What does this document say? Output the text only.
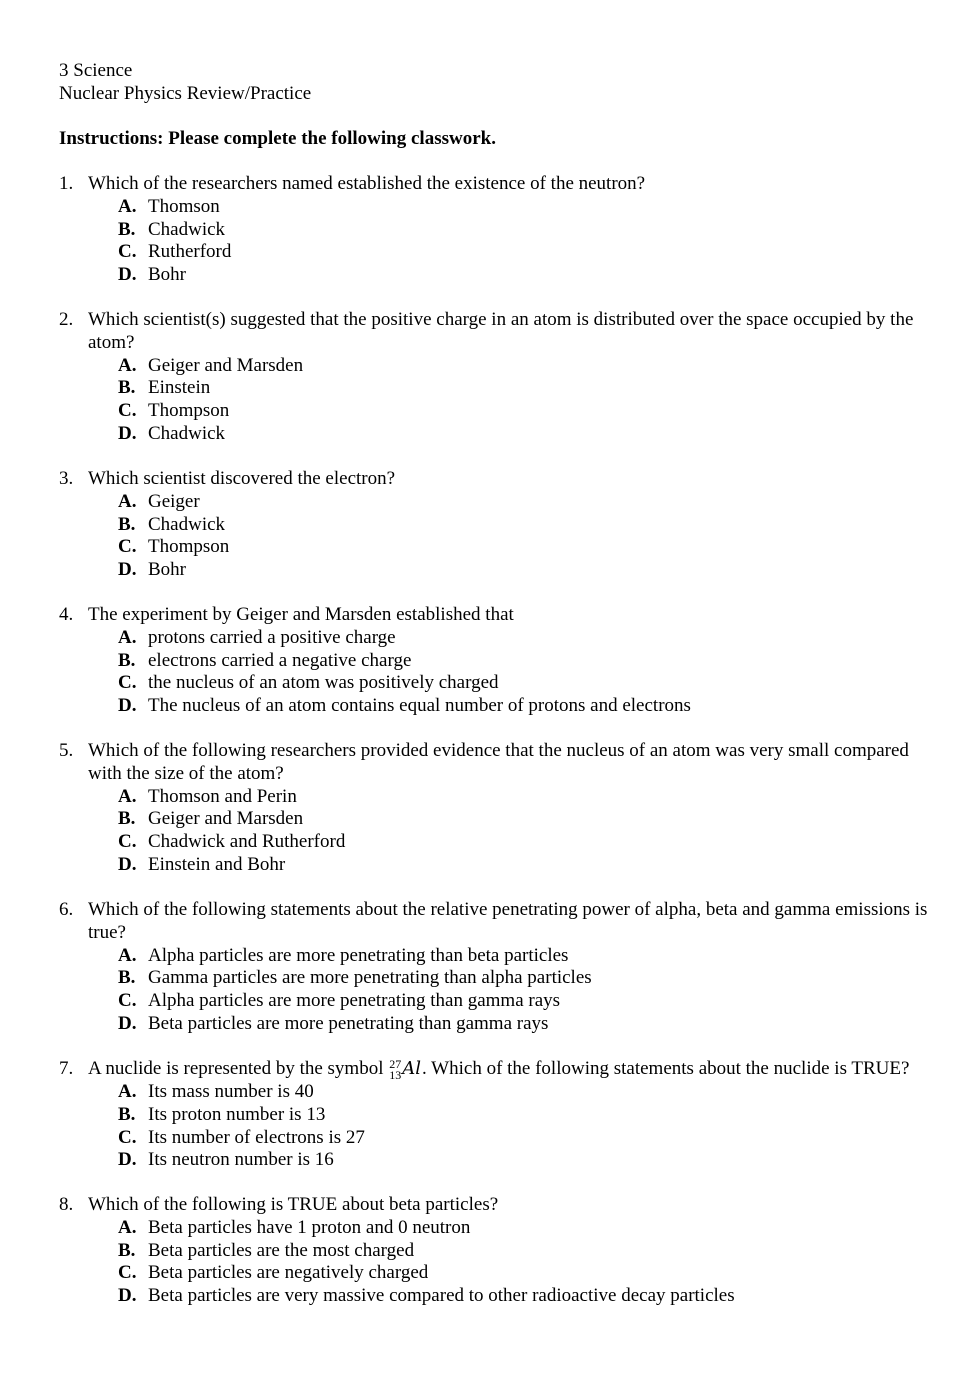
3 Science
Nuclear Physics Review/Practice
Instructions: Please complete the following classwork.
1. Which of the researchers named established the existence of the neutron?
A. Thomson
B. Chadwick
C. Rutherford
D. Bohr
2. Which scientist(s) suggested that the positive charge in an atom is distributed over the space occupied by the atom?
A. Geiger and Marsden
B. Einstein
C. Thompson
D. Chadwick
3. Which scientist discovered the electron?
A. Geiger
B. Chadwick
C. Thompson
D. Bohr
4. The experiment by Geiger and Marsden established that
A. protons carried a positive charge
B. electrons carried a negative charge
C. the nucleus of an atom was positively charged
D. The nucleus of an atom contains equal number of protons and electrons
5. Which of the following researchers provided evidence that the nucleus of an atom was very small compared with the size of the atom?
A. Thomson and Perin
B. Geiger and Marsden
C. Chadwick and Rutherford
D. Einstein and Bohr
6. Which of the following statements about the relative penetrating power of alpha, beta and gamma emissions is true?
A. Alpha particles are more penetrating than beta particles
B. Gamma particles are more penetrating than alpha particles
C. Alpha particles are more penetrating than gamma rays
D. Beta particles are more penetrating than gamma rays
7. A nuclide is represented by the symbol 27
13 Al . Which of the following statements about the nuclide is TRUE?
A. Its mass number is 40
B. Its proton number is 13
C. Its number of electrons is 27
D. Its neutron number is 16
8. Which of the following is TRUE about beta particles?
A. Beta particles have 1 proton and 0 neutron
B. Beta particles are the most charged
C. Beta particles are negatively charged
D. Beta particles are very massive compared to other radioactive decay particles
